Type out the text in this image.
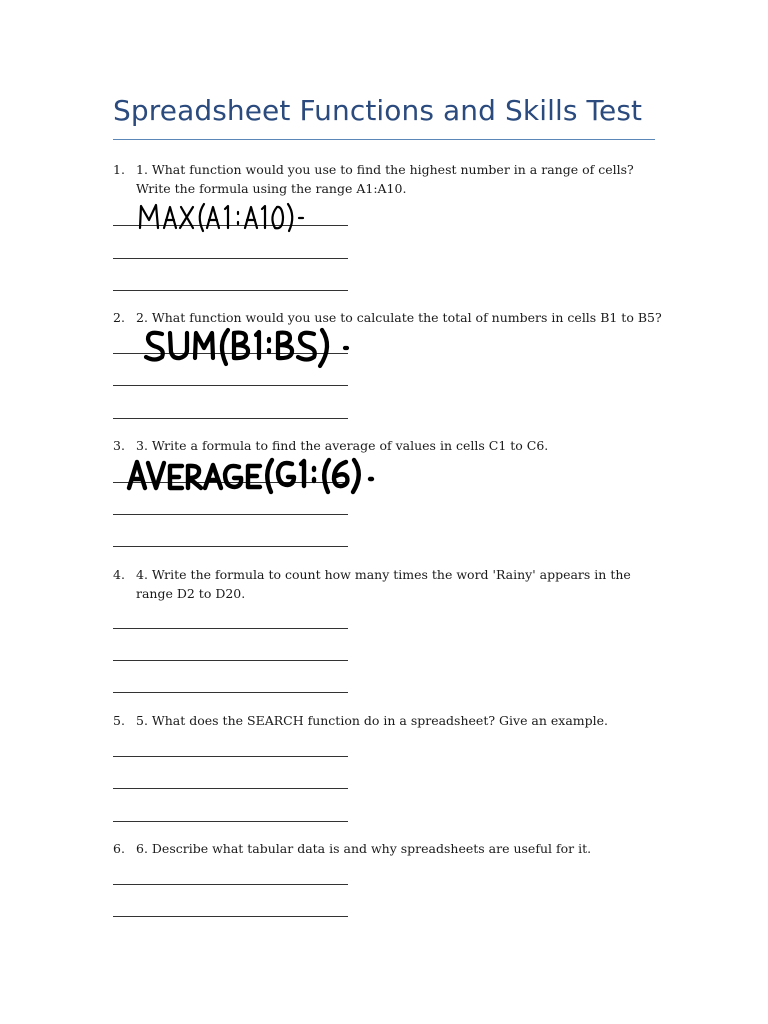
Spreadsheet Functions and Skills Test
1. 1. What function would you use to find the highest number in a range of cells? Write the formula using the range A1:A10.
2. 2. What function would you use to calculate the total of numbers in cells B1 to B5?
3. 3. Write a formula to find the average of values in cells C1 to C6.
4. 4. Write the formula to count how many times the word 'Rainy' appears in the range D2 to D20.
5. 5. What does the SEARCH function do in a spreadsheet? Give an example.
6. 6. Describe what tabular data is and why spreadsheets are useful for it.
